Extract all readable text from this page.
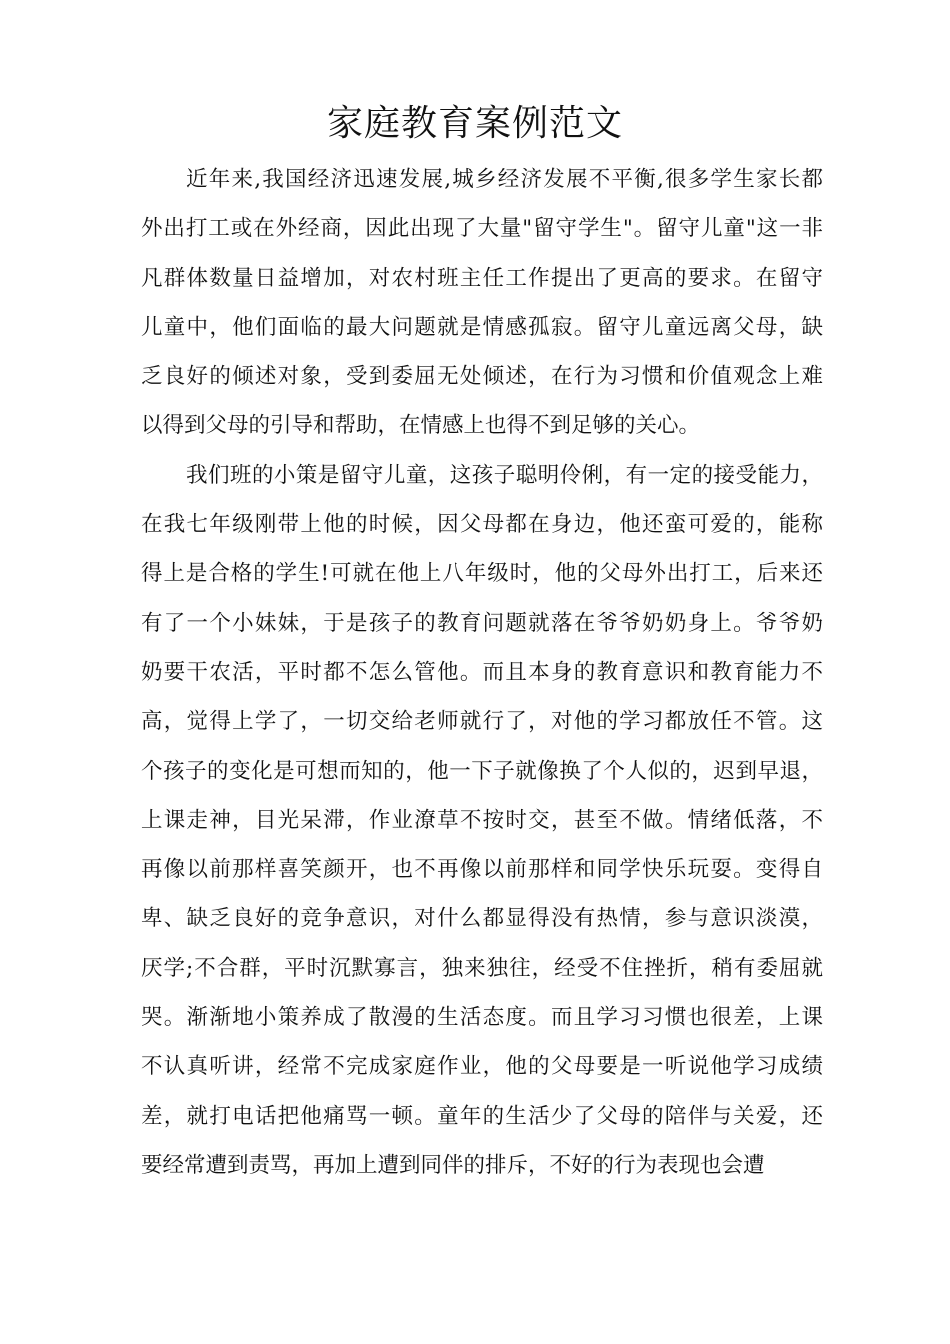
家庭教育案例范文
近年来,我国经济迅速发展,城乡经济发展不平衡,很多学生家长都
外出打工或在外经商，因此出现了大量"留守学生"。留守儿童"这一非
凡群体数量日益增加，对农村班主任工作提出了更高的要求。在留守
儿童中，他们面临的最大问题就是情感孤寂。留守儿童远离父母，缺
乏良好的倾述对象，受到委屈无处倾述，在行为习惯和价值观念上难
以得到父母的引导和帮助，在情感上也得不到足够的关心。
我们班的小策是留守儿童，这孩子聪明伶俐，有一定的接受能力，
在我七年级刚带上他的时候，因父母都在身边，他还蛮可爱的，能称
得上是合格的学生!可就在他上八年级时，他的父母外出打工，后来还
有了一个小妹妹，于是孩子的教育问题就落在爷爷奶奶身上。爷爷奶
奶要干农活，平时都不怎么管他。而且本身的教育意识和教育能力不
高，觉得上学了，一切交给老师就行了，对他的学习都放任不管。这
个孩子的变化是可想而知的，他一下子就像换了个人似的，迟到早退，
上课走神，目光呆滞，作业潦草不按时交，甚至不做。情绪低落，不
再像以前那样喜笑颜开，也不再像以前那样和同学快乐玩耍。变得自
卑、缺乏良好的竞争意识，对什么都显得没有热情，参与意识淡漠，
厌学;不合群，平时沉默寡言，独来独往，经受不住挫折，稍有委屈就
哭。渐渐地小策养成了散漫的生活态度。而且学习习惯也很差，上课
不认真听讲，经常不完成家庭作业，他的父母要是一听说他学习成绩
差，就打电话把他痛骂一顿。童年的生活少了父母的陪伴与关爱，还
要经常遭到责骂，再加上遭到同伴的排斥，不好的行为表现也会遭
